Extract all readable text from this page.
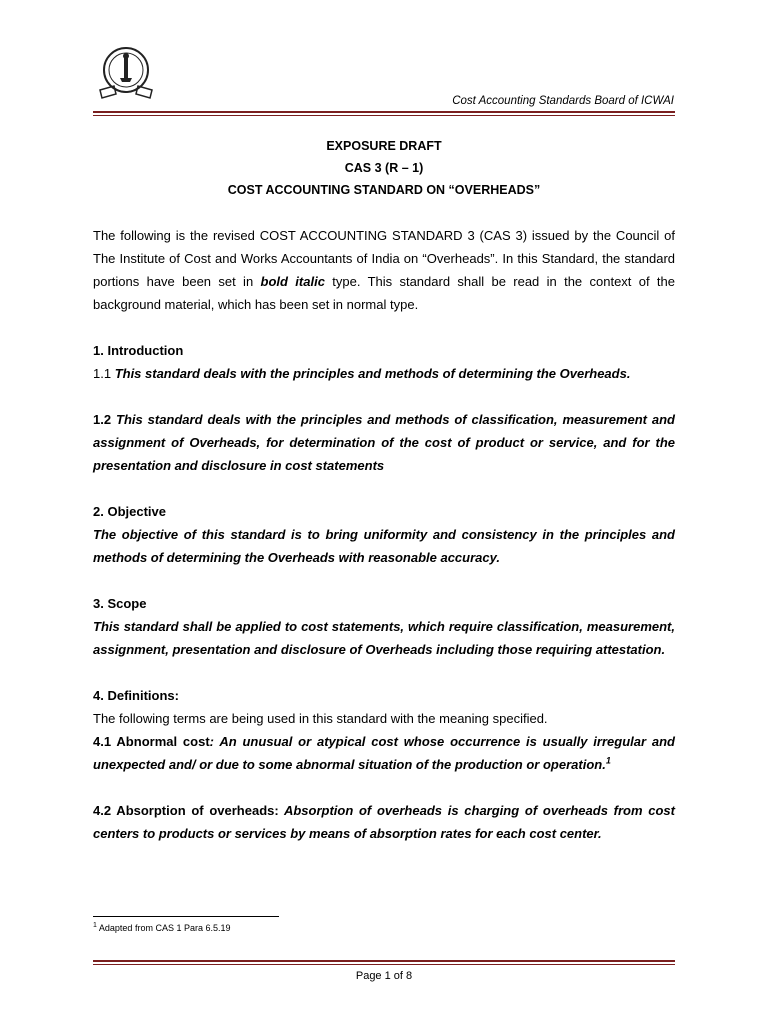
Cost Accounting Standards Board of ICWAI
EXPOSURE DRAFT
CAS 3 (R – 1)
COST ACCOUNTING STANDARD ON “OVERHEADS”
The following is the revised COST ACCOUNTING STANDARD 3 (CAS 3) issued by the Council of The Institute of Cost and Works Accountants of India on “Overheads”. In this Standard, the standard portions have been set in bold italic type. This standard shall be read in the context of the background material, which has been set in normal type.
1. Introduction
1.1 This standard deals with the principles and methods of determining the Overheads.
1.2 This standard deals with the principles and methods of classification, measurement and assignment of Overheads, for determination of the cost of product or service, and for the presentation and disclosure in cost statements
2. Objective
The objective of this standard is to bring uniformity and consistency in the principles and methods of determining the Overheads with reasonable accuracy.
3. Scope
This standard shall be applied to cost statements, which require classification, measurement, assignment, presentation and disclosure of Overheads including those requiring attestation.
4. Definitions:
The following terms are being used in this standard with the meaning specified.
4.1 Abnormal cost: An unusual or atypical cost whose occurrence is usually irregular and unexpected and/ or due to some abnormal situation of the production or operation.$^1$
4.2 Absorption of overheads: Absorption of overheads is charging of overheads from cost centers to products or services by means of absorption rates for each cost center.
$^1$ Adapted from CAS 1 Para 6.5.19
Page 1 of 8
